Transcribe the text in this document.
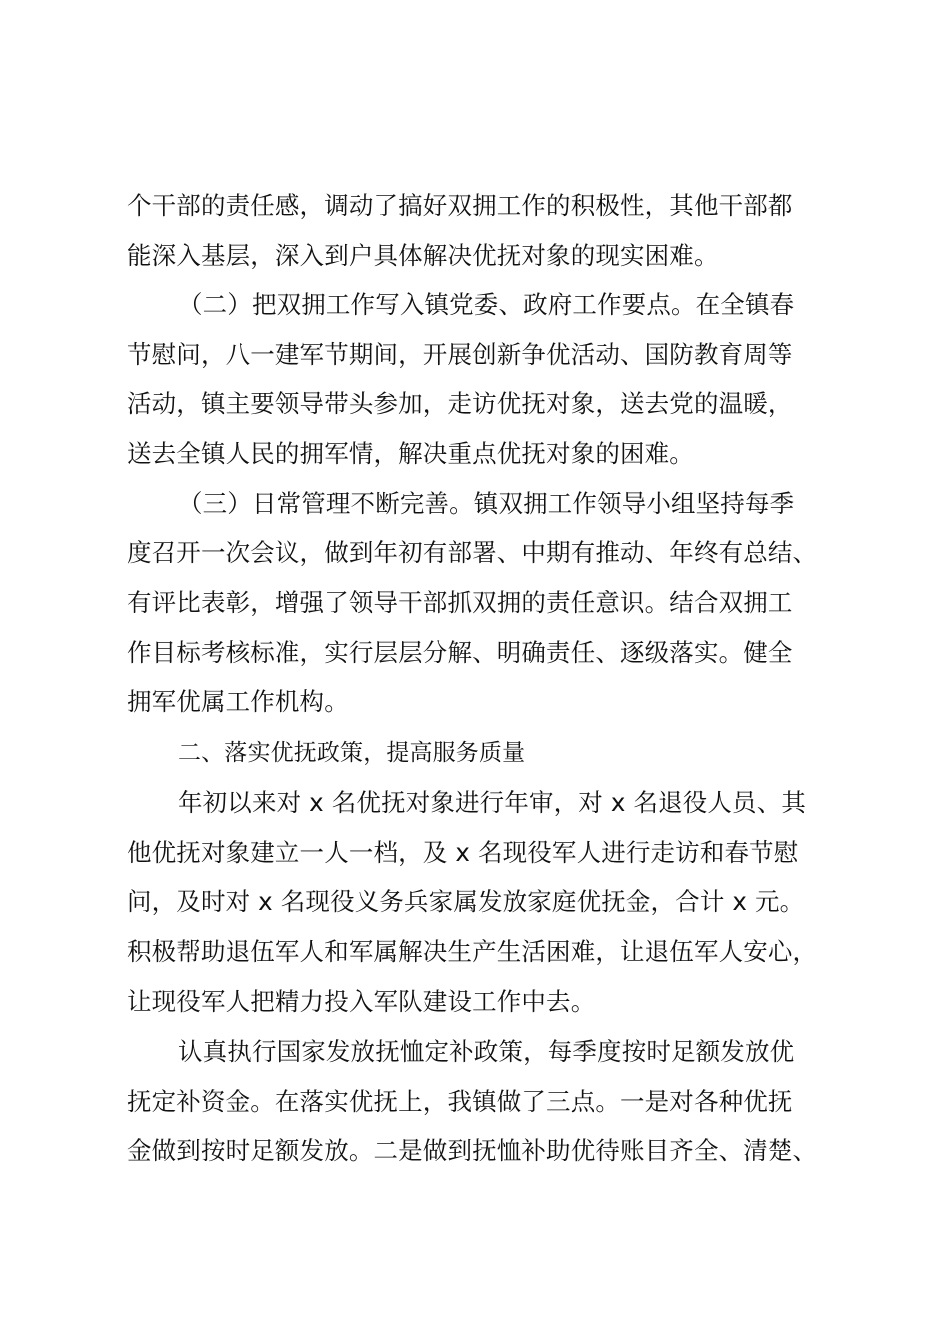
个干部的责任感，调动了搞好双拥工作的积极性，其他干部都
能深入基层，深入到户具体解决优抚对象的现实困难。
（二）把双拥工作写入镇党委、政府工作要点。在全镇春
节慰问，八一建军节期间，开展创新争优活动、国防教育周等
活动，镇主要领导带头参加，走访优抚对象，送去党的温暖，
送去全镇人民的拥军情，解决重点优抚对象的困难。
（三）日常管理不断完善。镇双拥工作领导小组坚持每季
度召开一次会议，做到年初有部署、中期有推动、年终有总结、
有评比表彰，增强了领导干部抓双拥的责任意识。结合双拥工
作目标考核标准，实行层层分解、明确责任、逐级落实。健全
拥军优属工作机构。
二、落实优抚政策，提高服务质量
年初以来对 x 名优抚对象进行年审，对 x 名退役人员、其
他优抚对象建立一人一档，及 x 名现役军人进行走访和春节慰
问，及时对 x 名现役义务兵家属发放家庭优抚金，合计 x 元。
积极帮助退伍军人和军属解决生产生活困难，让退伍军人安心，
让现役军人把精力投入军队建设工作中去。
认真执行国家发放抚恤定补政策，每季度按时足额发放优
抚定补资金。在落实优抚上，我镇做了三点。一是对各种优抚
金做到按时足额发放。二是做到抚恤补助优待账目齐全、清楚、
